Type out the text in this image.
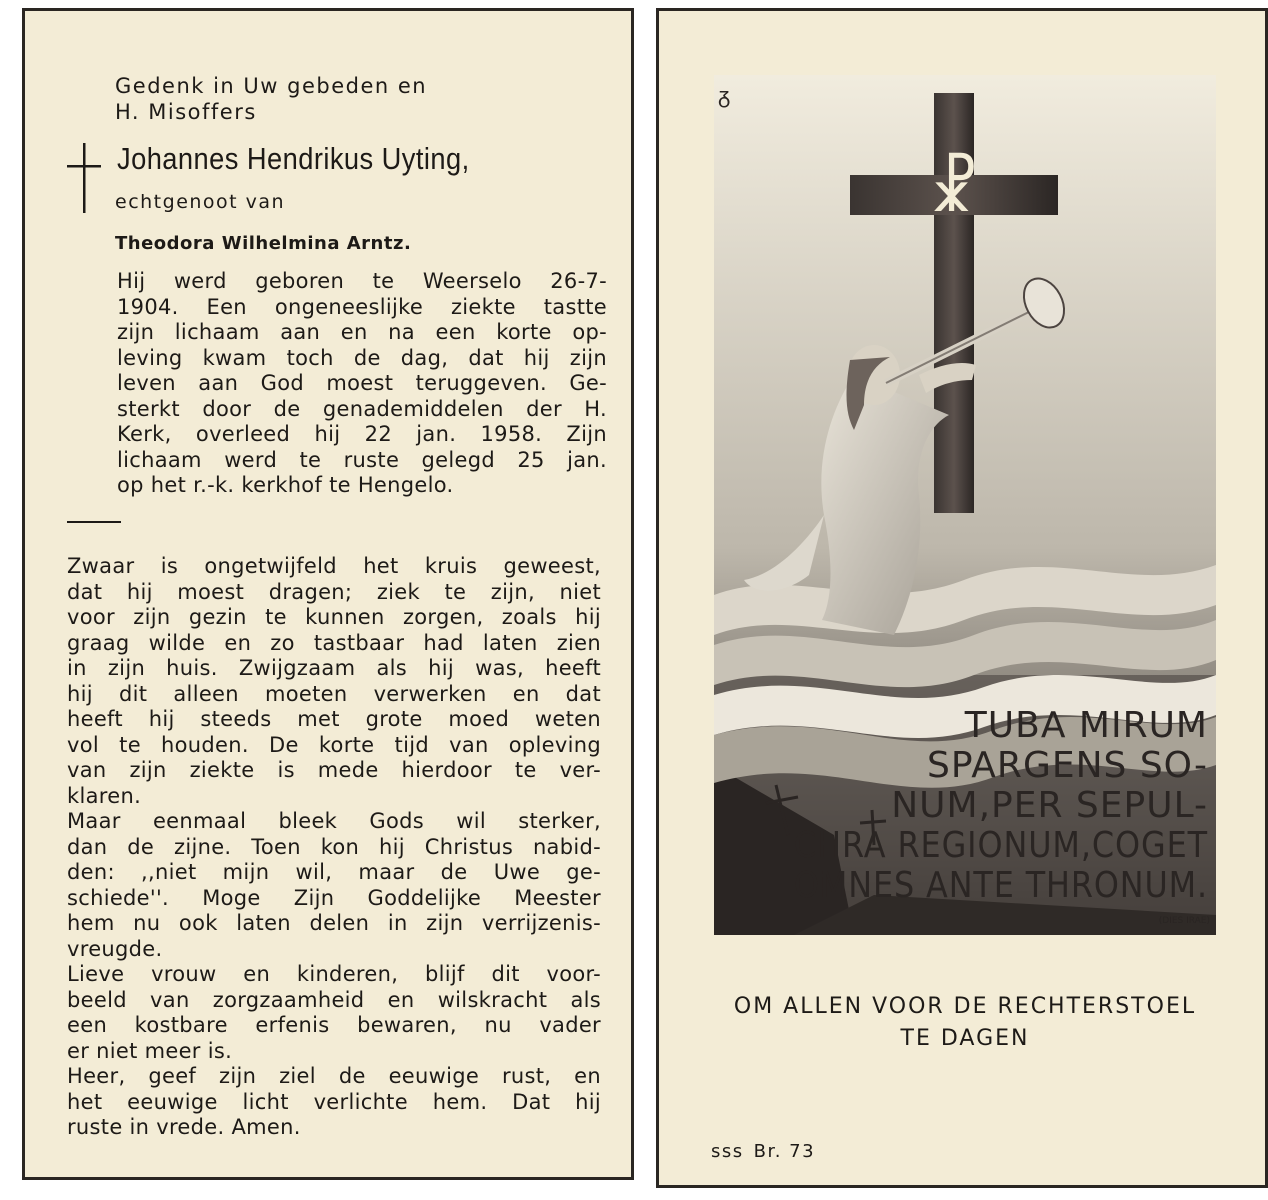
Gedenk in Uw gebeden en
H. Misoffers
Johannes Hendrikus Uyting,
echtgenoot van
Theodora Wilhelmina Arntz.
Hij werd geboren te Weerselo 26-7-
1904. Een ongeneeslijke ziekte tastte
zijn lichaam aan en na een korte op-
leving kwam toch de dag, dat hij zijn
leven aan God moest teruggeven. Ge-
sterkt door de genademiddelen der H.
Kerk, overleed hij 22 jan. 1958. Zijn
lichaam werd te ruste gelegd 25 jan.
op het r.-k. kerkhof te Hengelo.
Zwaar is ongetwijfeld het kruis geweest,
dat hij moest dragen; ziek te zijn, niet
voor zijn gezin te kunnen zorgen, zoals hij
graag wilde en zo tastbaar had laten zien
in zijn huis. Zwijgzaam als hij was, heeft
hij dit alleen moeten verwerken en dat
heeft hij steeds met grote moed weten
vol te houden. De korte tijd van opleving
van zijn ziekte is mede hierdoor te ver-
klaren.
Maar eenmaal bleek Gods wil sterker,
dan de zijne. Toen kon hij Christus nabid-
den: ,,niet mijn wil, maar de Uwe ge-
schiede''. Moge Zijn Goddelijke Meester
hem nu ook laten delen in zijn verrijzenis-
vreugde.
Lieve vrouw en kinderen, blijf dit voor-
beeld van zorgzaamheid en wilskracht als
een kostbare erfenis bewaren, nu vader
er niet meer is.
Heer, geef zijn ziel de eeuwige rust, en
het eeuwige licht verlichte hem. Dat hij
ruste in vrede. Amen.
☧
ᵹ
TUBA MIRUM
SPARGENS SO-
NUM,PER SEPUL-
CHRA REGIONUM,COGET
OMNES ANTE THRONUM.
(DIES IRAE)
OM ALLEN VOOR DE RECHTERSTOEL
TE DAGEN
sss Br. 73
